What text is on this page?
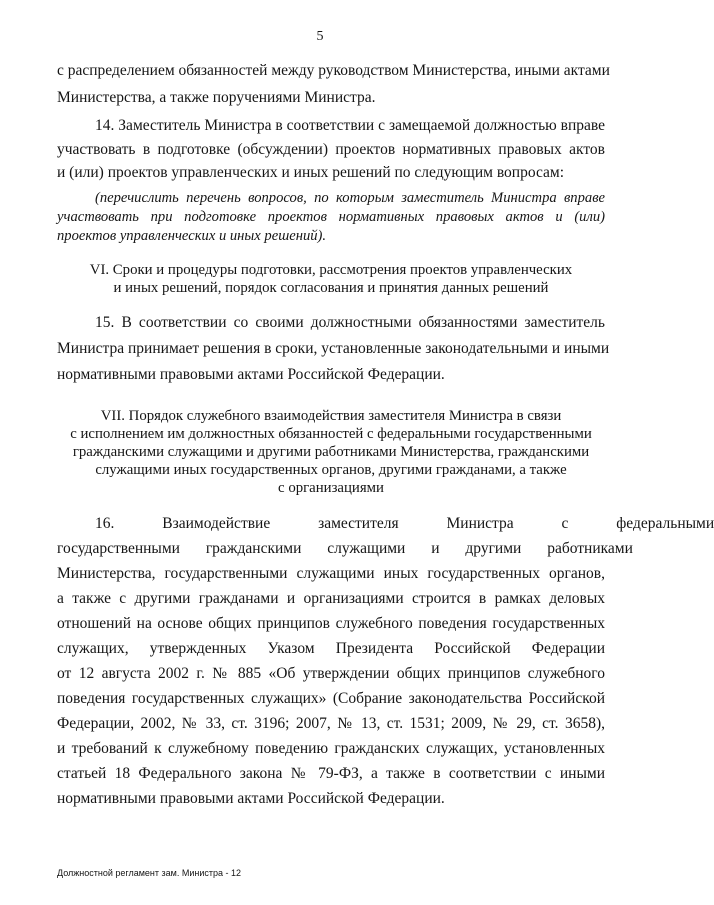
5
с распределением обязанностей между руководством Министерства, иными актами
Министерства, а также поручениями Министра.
14. Заместитель Министра в соответствии с замещаемой должностью вправе
участвовать в подготовке (обсуждении) проектов нормативных правовых актов
и (или) проектов управленческих и иных решений по следующим вопросам:
(перечислить перечень вопросов, по которым заместитель Министра вправе
участвовать при подготовке проектов нормативных правовых актов и (или)
проектов управленческих и иных решений).
VI. Сроки и процедуры подготовки, рассмотрения проектов управленческих
и иных решений, порядок согласования и принятия данных решений
15. В соответствии со своими должностными обязанностями заместитель
Министра принимает решения в сроки, установленные законодательными и иными
нормативными правовыми актами Российской Федерации.
VII. Порядок служебного взаимодействия заместителя Министра в связи
с исполнением им должностных обязанностей с федеральными государственными
гражданскими служащими и другими работниками Министерства, гражданскими
служащими иных государственных органов, другими гражданами, а также
с организациями
16. Взаимодействие заместителя Министра с федеральными
государственными гражданскими служащими и другими работниками
Министерства, государственными служащими иных государственных органов,
а также с другими гражданами и организациями строится в рамках деловых
отношений на основе общих принципов служебного поведения государственных
служащих, утвержденных Указом Президента Российской Федерации
от 12 августа 2002 г. № 885 «Об утверждении общих принципов служебного
поведения государственных служащих» (Собрание законодательства Российской
Федерации, 2002, № 33, ст. 3196; 2007, № 13, ст. 1531; 2009, № 29, ст. 3658),
и требований к служебному поведению гражданских служащих, установленных
статьей 18 Федерального закона № 79-ФЗ, а также в соответствии с иными
нормативными правовыми актами Российской Федерации.
Должностной регламент зам. Министра - 12
